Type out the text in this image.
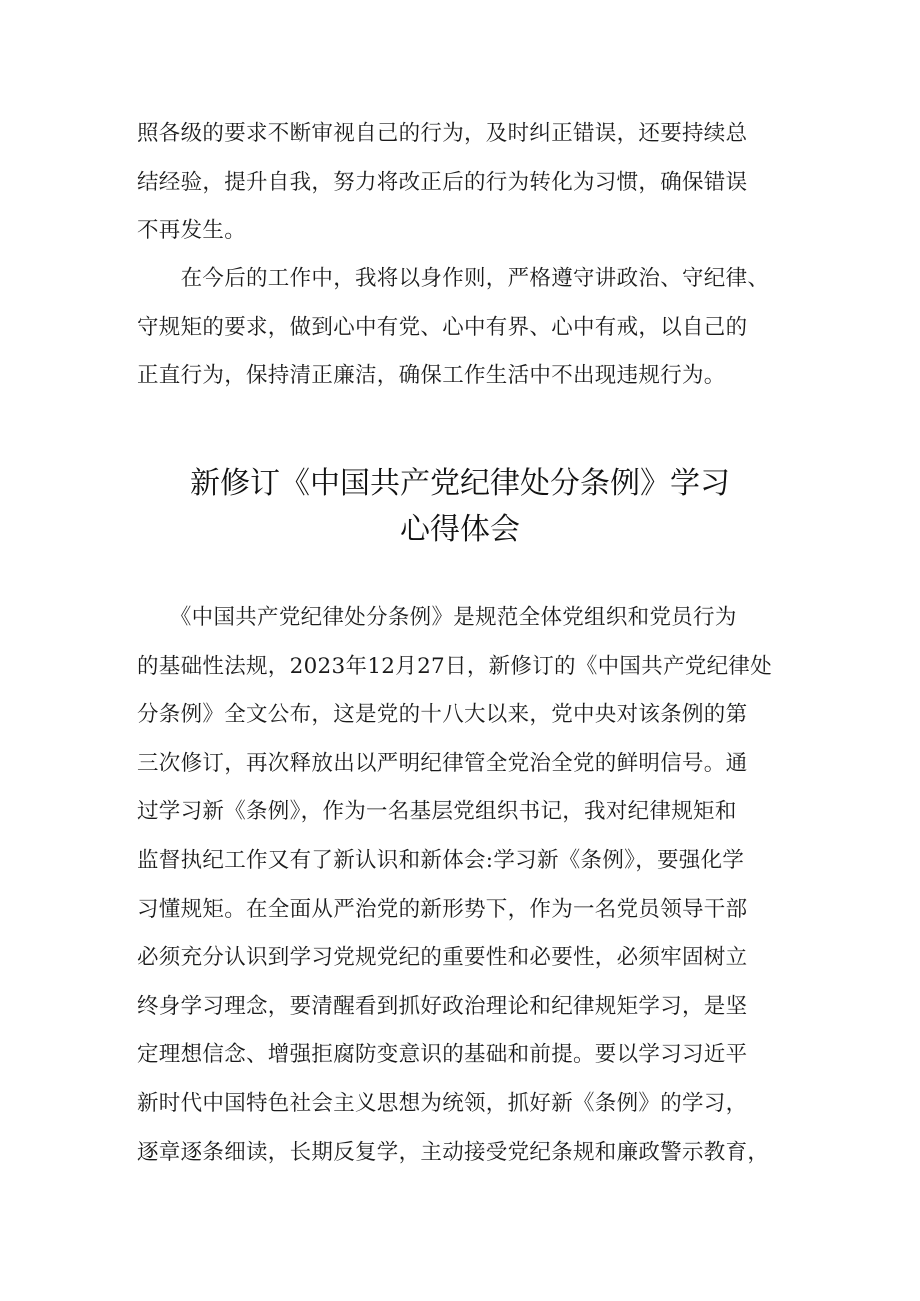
照各级的要求不断审视自己的行为，及时纠正错误，还要持续总
结经验，提升自我，努力将改正后的行为转化为习惯，确保错误
不再发生。
　　在今后的工作中，我将以身作则，严格遵守讲政治、守纪律、
守规矩的要求，做到心中有党、心中有界、心中有戒，以自己的
正直行为，保持清正廉洁，确保工作生活中不出现违规行为。
新修订《中国共产党纪律处分条例》学习
心得体会
　　《中国共产党纪律处分条例》是规范全体党组织和党员行为
的基础性法规，2023年12月27日，新修订的《中国共产党纪律处
分条例》全文公布，这是党的十八大以来，党中央对该条例的第
三次修订，再次释放出以严明纪律管全党治全党的鲜明信号。通
过学习新《条例》，作为一名基层党组织书记，我对纪律规矩和
监督执纪工作又有了新认识和新体会:学习新《条例》，要强化学
习懂规矩。在全面从严治党的新形势下，作为一名党员领导干部
必须充分认识到学习党规党纪的重要性和必要性，必须牢固树立
终身学习理念，要清醒看到抓好政治理论和纪律规矩学习，是坚
定理想信念、增强拒腐防变意识的基础和前提。要以学习习近平
新时代中国特色社会主义思想为统领，抓好新《条例》的学习，
逐章逐条细读，长期反复学，主动接受党纪条规和廉政警示教育，
